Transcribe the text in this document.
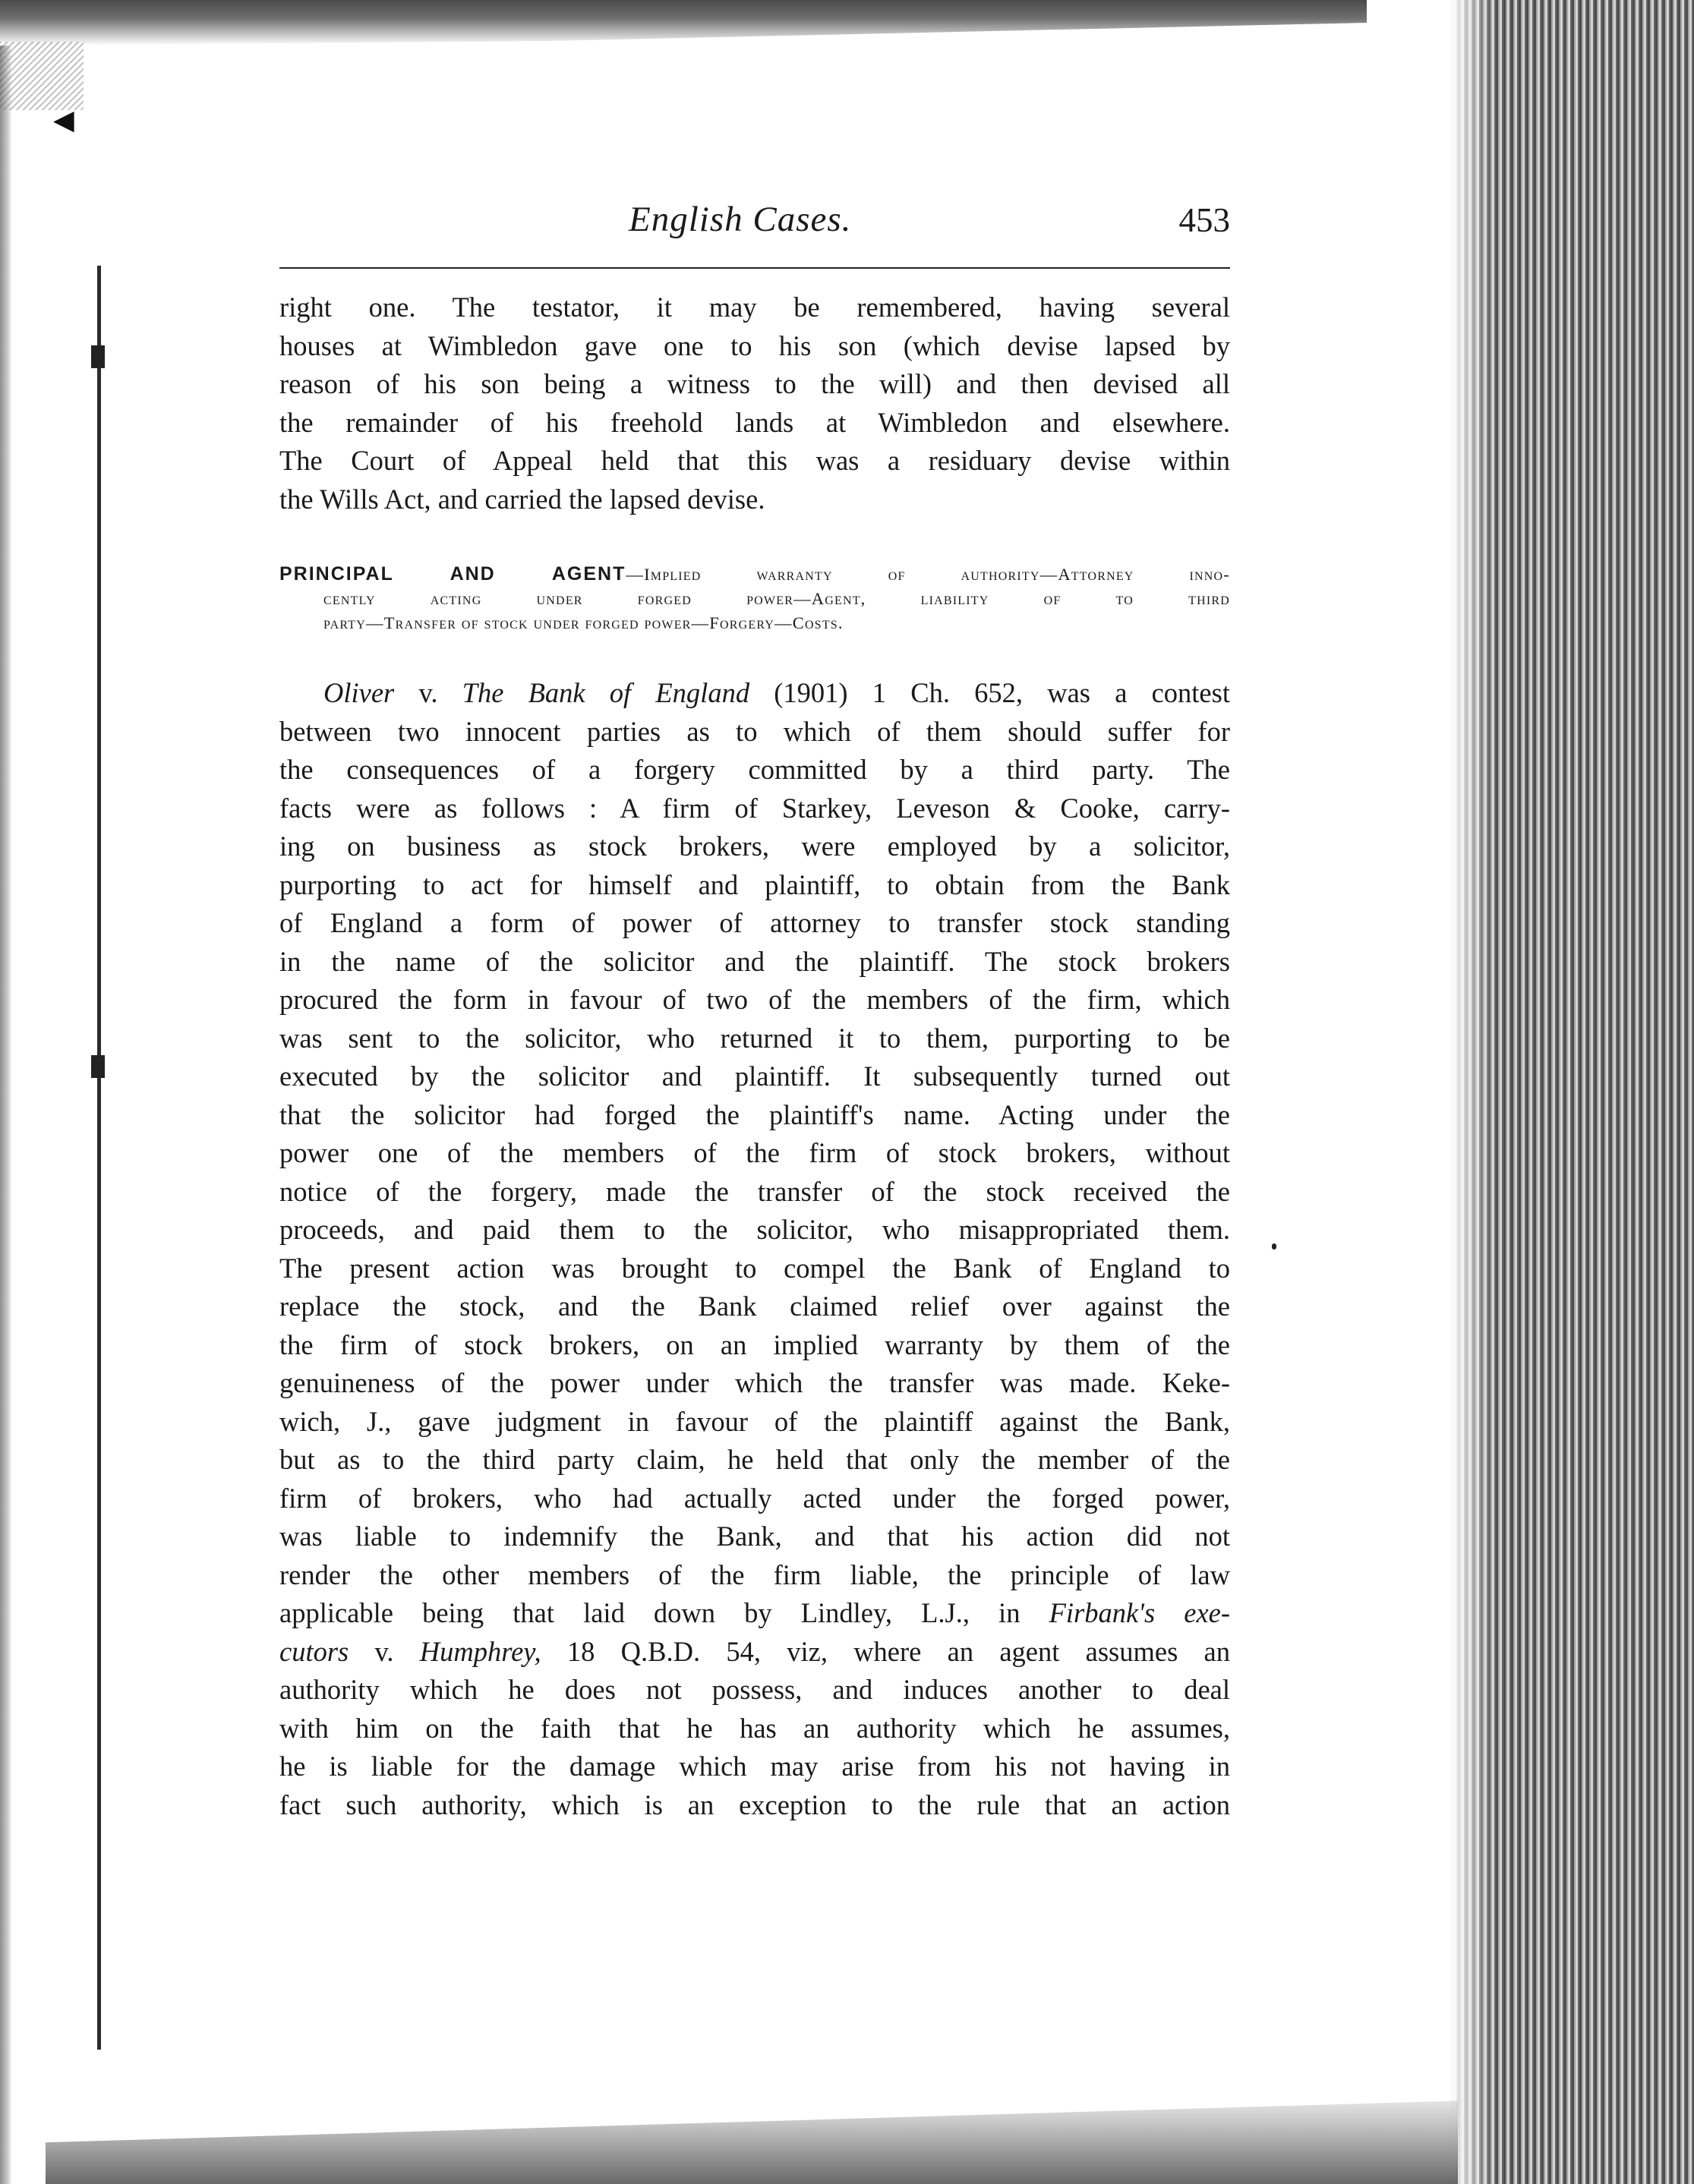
◀
English Cases.	453
right one. The testator, it may be remembered, having several
houses at Wimbledon gave one to his son (which devise lapsed by
reason of his son being a witness to the will) and then devised all
the remainder of his freehold lands at Wimbledon and elsewhere.
The Court of Appeal held that this was a residuary devise within
the Wills Act, and carried the lapsed devise.
PRINCIPAL AND AGENT—Implied warranty of authority—Attorney inno-
cently acting under forged power—Agent, liability of to third
party—Transfer of stock under forged power—Forgery—Costs.
Oliver v. The Bank of England (1901) 1 Ch. 652, was a contest
between two innocent parties as to which of them should suffer for
the consequences of a forgery committed by a third party. The
facts were as follows : A firm of Starkey, Leveson & Cooke, carry-
ing on business as stock brokers, were employed by a solicitor,
purporting to act for himself and plaintiff, to obtain from the Bank
of England a form of power of attorney to transfer stock standing
in the name of the solicitor and the plaintiff. The stock brokers
procured the form in favour of two of the members of the firm, which
was sent to the solicitor, who returned it to them, purporting to be
executed by the solicitor and plaintiff. It subsequently turned out
that the solicitor had forged the plaintiff's name. Acting under the
power one of the members of the firm of stock brokers, without
notice of the forgery, made the transfer of the stock received the
proceeds, and paid them to the solicitor, who misappropriated them.
The present action was brought to compel the Bank of England to
replace the stock, and the Bank claimed relief over against the
the firm of stock brokers, on an implied warranty by them of the
genuineness of the power under which the transfer was made. Keke-
wich, J., gave judgment in favour of the plaintiff against the Bank,
but as to the third party claim, he held that only the member of the
firm of brokers, who had actually acted under the forged power,
was liable to indemnify the Bank, and that his action did not
render the other members of the firm liable, the principle of law
applicable being that laid down by Lindley, L.J., in Firbank's exe-
cutors v. Humphrey, 18 Q.B.D. 54, viz, where an agent assumes an
authority which he does not possess, and induces another to deal
with him on the faith that he has an authority which he assumes,
he is liable for the damage which may arise from his not having in
fact such authority, which is an exception to the rule that an action
